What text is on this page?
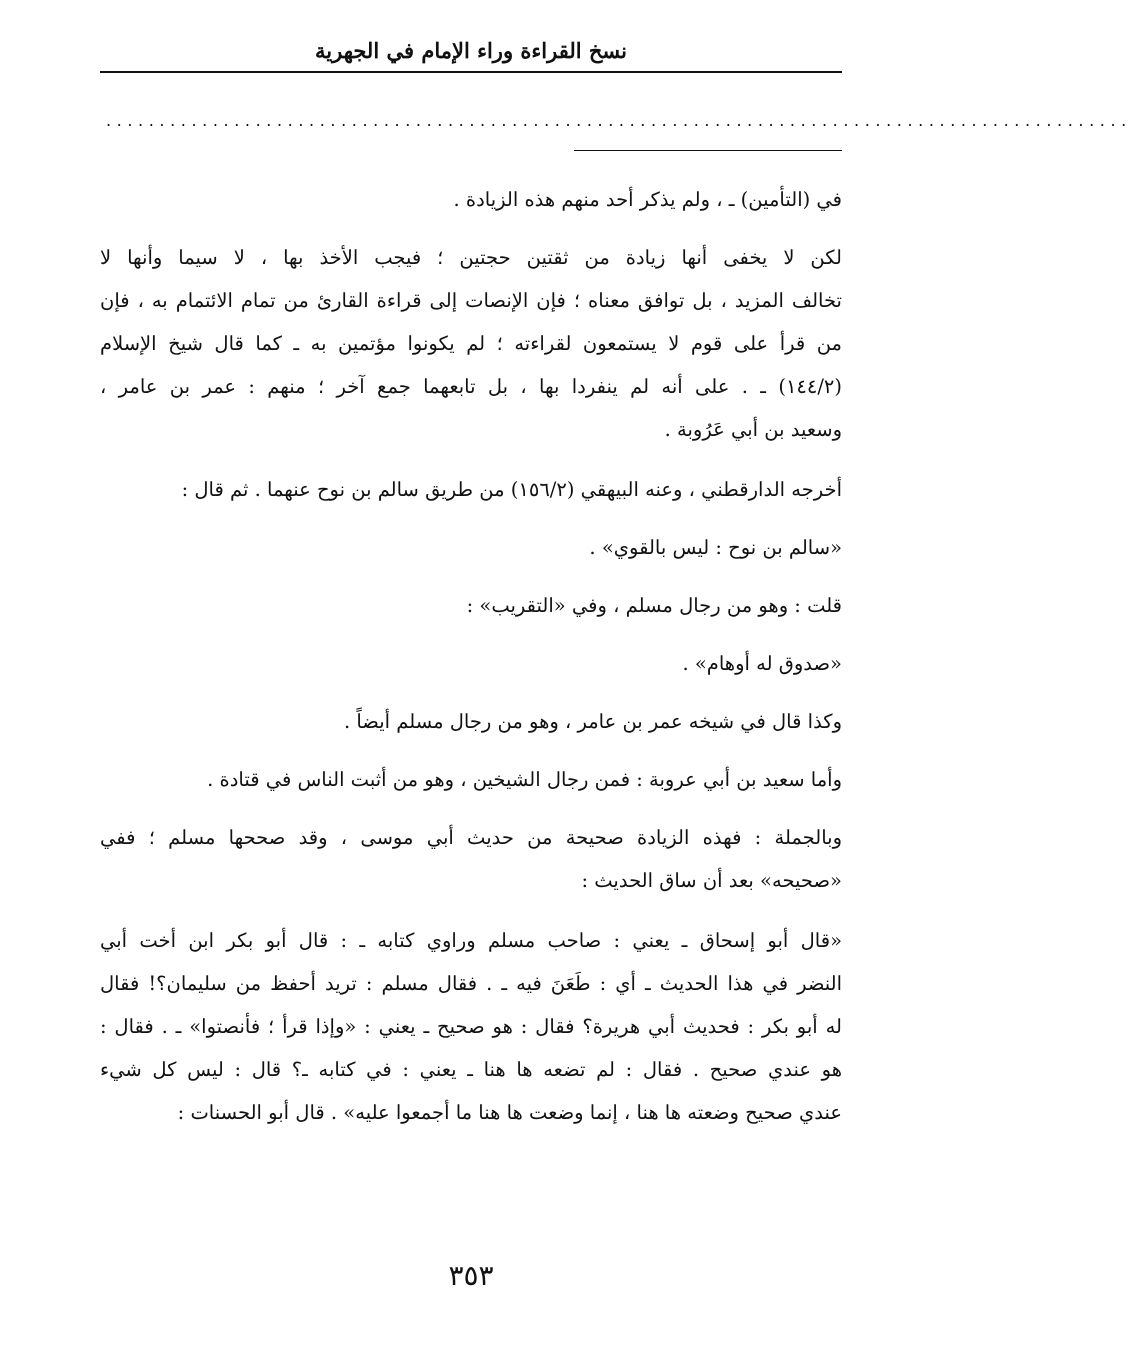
نسخ القراءة وراء الإمام في الجهرية
................................................................................................
في (التأمين) ـ ، ولم يذكر أحد منهم هذه الزيادة .
لكن لا يخفى أنها زيادة من ثقتين حجتين ؛ فيجب الأخذ بها ، لا سيما وأنها لا
تخالف المزيد ، بل توافق معناه ؛ فإن الإنصات إلى قراءة القارئ من تمام الائتمام به ، فإن
من قرأ على قوم لا يستمعون لقراءته ؛ لم يكونوا مؤتمين به ـ كما قال شيخ الإسلام
(١٤٤/٢) ـ . على أنه لم ينفردا بها ، بل تابعهما جمع آخر ؛ منهم : عمر بن عامر ،
وسعيد بن أبي عَرُوبة .
أخرجه الدارقطني ، وعنه البيهقي (١٥٦/٢) من طريق سالم بن نوح عنهما . ثم قال :
«سالم بن نوح : ليس بالقوي» .
قلت : وهو من رجال مسلم ، وفي «التقريب» :
«صدوق له أوهام» .
وكذا قال في شيخه عمر بن عامر ، وهو من رجال مسلم أيضاً .
وأما سعيد بن أبي عروبة : فمن رجال الشيخين ، وهو من أثبت الناس في قتادة .
وبالجملة : فهذه الزيادة صحيحة من حديث أبي موسى ، وقد صححها مسلم ؛ ففي
«صحيحه» بعد أن ساق الحديث :
«قال أبو إسحاق ـ يعني : صاحب مسلم وراوي كتابه ـ : قال أبو بكر ابن أخت أبي
النضر في هذا الحديث ـ أي : طَعَنَ فيه ـ . فقال مسلم : تريد أحفظ من سليمان؟! فقال
له أبو بكر : فحديث أبي هريرة؟ فقال : هو صحيح ـ يعني : «وإذا قرأ ؛ فأنصتوا» ـ . فقال :
هو عندي صحيح . فقال : لم تضعه ها هنا ـ يعني : في كتابه ـ؟ قال : ليس كل شيء
عندي صحيح وضعته ها هنا ، إنما وضعت ها هنا ما أجمعوا عليه» . قال أبو الحسنات :
٣٥٣
